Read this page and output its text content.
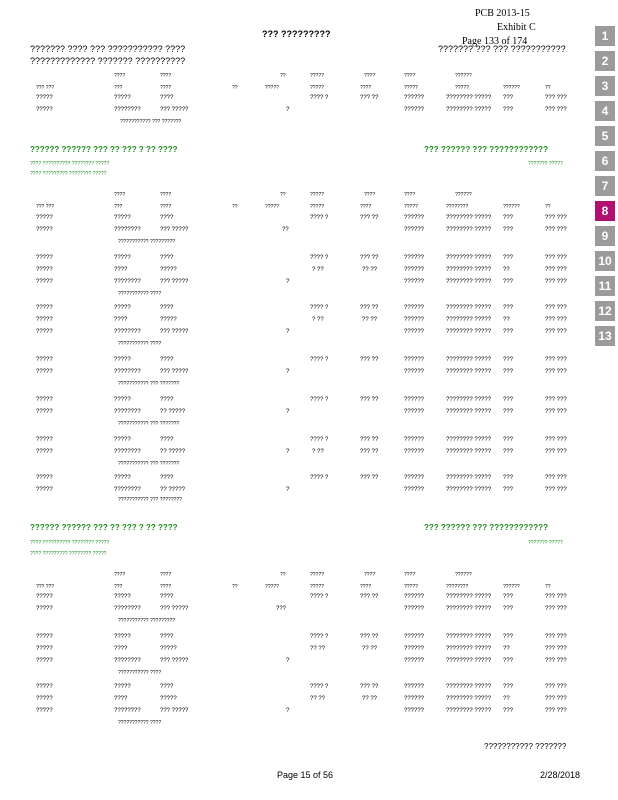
PCB 2013-15
Exhibit C
Page 133 of 174
??? ?????????
??????? ???? ??? ??????????? ????
????????????? ??????? ??????????
??????? ??? ??? ???????????
1
2
3
4
5
6
7
8
9
10
11
12
13
????	????	??	?????	????	????	??????
??? ???	???	????	??	?????	?????	????	?????	?????	??????	??
?????	?????	????	???? ?	??? ??	??????	???????? ????? ???	??? ???
?????	????????	??? ?????	?	??????	???????? ????? ???	??? ???
??????????? ??? ???????
?????? ?????? ??? ?? ??? ? ?? ????	??? ?????? ??? ????????????
???? ?????????? ???????? ?????
???? ????????? ???????? ?????
??????? ?????
????	????	??	?????	????	????	??????
??? ???	???	????	??	?????	?????	????	?????	????????	??????	??
?????	?????	????	???? ?	??? ??	??????	???????? ????? ???	??? ???
?????	????????	??? ?????	??	??????	???????? ????? ???	??? ???
??????????? ?????????
?????	?????	????	???? ?	??? ??	??????	???????? ????? ???	??? ???
?????	????	?????	? ??	?? ??	??????	???????? ????? ??	??? ???
?????	????????	??? ?????	?	??????	???????? ????? ???	??? ???
??????????? ????
?????	?????	????	???? ?	??? ??	??????	???????? ????? ???	??? ???
?????	????	?????	? ??	?? ??	??????	???????? ????? ??	??? ???
?????	????????	??? ?????	?	??????	???????? ????? ???	??? ???
??????????? ????
?????	?????	????	???? ?	??? ??	??????	???????? ????? ???	??? ???
?????	????????	??? ?????	?	??????	???????? ????? ???	??? ???
??????????? ??? ???????
?????	?????	????	???? ?	??? ??	??????	???????? ????? ???	??? ???
?????	????????	?? ?????	?	??????	???????? ????? ???	??? ???
??????????? ??? ???????
?????	?????	????	???? ?	??? ??	??????	???????? ????? ???	??? ???
?????	????????	?? ?????	?	? ??	??? ??	??????	???????? ????? ???	??? ???
??????????? ??? ???????
?????	?????	????	???? ?	??? ??	??????	???????? ????? ???	??? ???
?????	????????	?? ?????	?	??????	???????? ????? ???	??? ???
??????????? ??? ????????
?????? ?????? ??? ?? ??? ? ?? ????	??? ?????? ??? ????????????
???? ?????????? ???????? ?????
???? ????????? ???????? ?????
??????? ?????
????	????	??	?????	????	????	??????
??? ???	???	????	??	?????	?????	????	?????	????????	??????	??
?????	?????	????	???? ?	??? ??	??????	???????? ????? ???	??? ???
?????	????????	??? ?????	???	??????	???????? ????? ???	??? ???
??????????? ?????????
?????	?????	????	???? ?	??? ??	??????	???????? ????? ???	??? ???
?????	????	?????	?? ??	?? ??	??????	???????? ????? ??	??? ???
?????	????????	??? ?????	?	??????	???????? ????? ???	??? ???
??????????? ????
?????	?????	????	???? ?	??? ??	??????	???????? ????? ???	??? ???
?????	????	?????	?? ??	?? ??	??????	???????? ????? ??	??? ???
?????	????????	??? ?????	?	??????	???????? ????? ???	??? ???
??????????? ????
??????????? ???????
Page 15 of 56	2/28/2018
